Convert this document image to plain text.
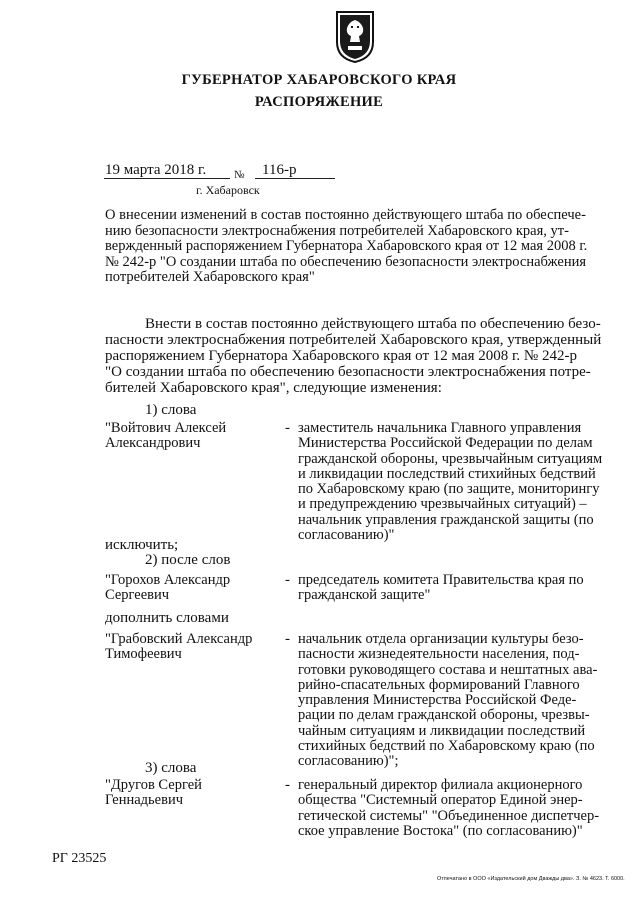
ГУБЕРНАТОР ХАБАРОВСКОГО КРАЯ
РАСПОРЯЖЕНИЕ
19 марта 2018 г.	№ 116-р
г. Хабаровск
О внесении изменений в состав постоянно действующего штаба по обеспече-
нию безопасности электроснабжения потребителей Хабаровского края, ут-
вержденный распоряжением Губернатора Хабаровского края от 12 мая 2008 г.
№ 242-р "О создании штаба по обеспечению безопасности электроснабжения
потребителей Хабаровского края"
Внести в состав постоянно действующего штаба по обеспечению безо-
пасности электроснабжения потребителей Хабаровского края, утвержденный
распоряжением Губернатора Хабаровского края от 12 мая 2008 г. № 242-р
"О создании штаба по обеспечению безопасности электроснабжения потре-
бителей Хабаровского края", следующие изменения:
1) слова
"Войтович Алексей
Александрович
- заместитель начальника Главного управления
Министерства Российской Федерации по делам
гражданской обороны, чрезвычайным ситуациям
и ликвидации последствий стихийных бедствий
по Хабаровскому краю (по защите, мониторингу
и предупреждению чрезвычайных ситуаций) –
начальник управления гражданской защиты (по
согласованию)"
исключить;
2) после слов
"Горохов Александр
Сергеевич
- председатель комитета Правительства края по
гражданской защите"
дополнить словами
"Грабовский Александр
Тимофеевич
- начальник отдела организации культуры безо-
пасности жизнедеятельности населения, под-
готовки руководящего состава и нештатных ава-
рийно-спасательных формирований Главного
управления Министерства Российской Феде-
рации по делам гражданской обороны, чрезвы-
чайным ситуациям и ликвидации последствий
стихийных бедствий по Хабаровскому краю (по
согласованию)";
3) слова
"Другов Сергей
Геннадьевич
- генеральный директор филиала акционерного
общества "Системный оператор Единой энер-
гетической системы" "Объединенное диспетчер-
ское управление Востока" (по согласованию)"
РГ 23525
Отпечатано в ООО «Издательский дом Дважды два». З. № 4623. Т. 6000.
